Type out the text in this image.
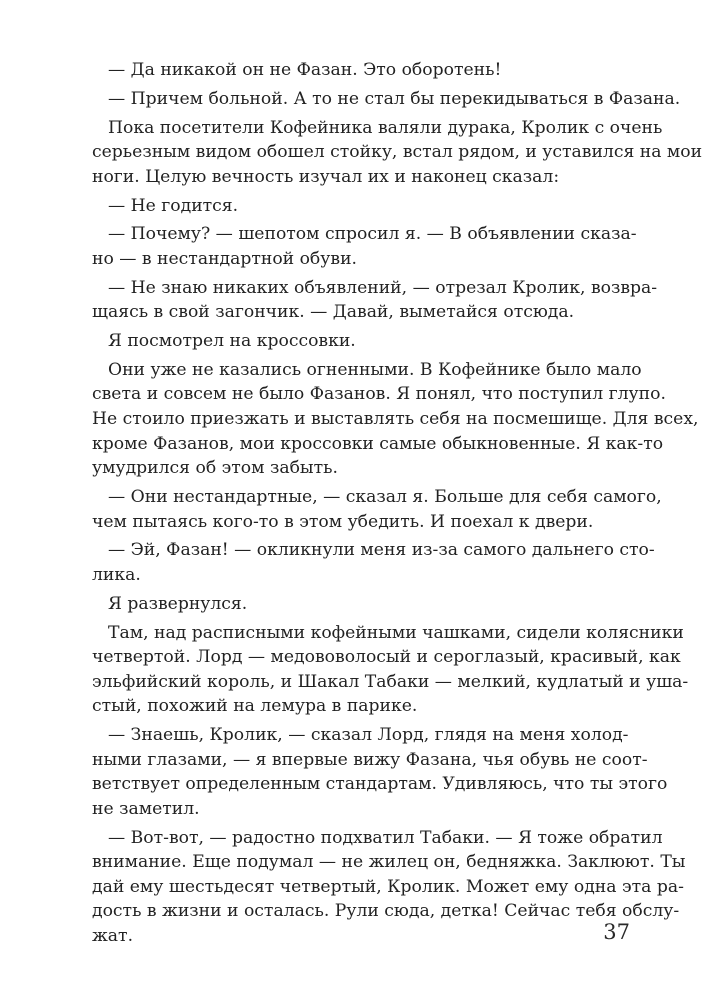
— Да никакой он не Фазан. Это оборотень!
— Причем больной. А то не стал бы перекидываться в Фазана.
Пока посетители Кофейника валяли дурака, Кролик с очень
серьезным видом обошел стойку, встал рядом, и уставился на мои
ноги. Целую вечность изучал их и наконец сказал:
— Не годится.
— Почему? — шепотом спросил я. — В объявлении сказа-
но — в нестандартной обуви.
— Не знаю никаких объявлений, — отрезал Кролик, возвра-
щаясь в свой загончик. — Давай, выметайся отсюда.
Я посмотрел на кроссовки.
Они уже не казались огненными. В Кофейнике было мало
света и совсем не было Фазанов. Я понял, что поступил глупо.
Не стоило приезжать и выставлять себя на посмешище. Для всех,
кроме Фазанов, мои кроссовки самые обыкновенные. Я как-то
умудрился об этом забыть.
— Они нестандартные, — сказал я. Больше для себя самого,
чем пытаясь кого-то в этом убедить. И поехал к двери.
— Эй, Фазан! — окликнули меня из-за самого дальнего сто-
лика.
Я развернулся.
Там, над расписными кофейными чашками, сидели колясники
четвертой. Лорд — медововолосый и сероглазый, красивый, как
эльфийский король, и Шакал Табаки — мелкий, кудлатый и уша-
стый, похожий на лемура в парике.
— Знаешь, Кролик, — сказал Лорд, глядя на меня холод-
ными глазами, — я впервые вижу Фазана, чья обувь не соот-
ветствует определенным стандартам. Удивляюсь, что ты этого
не заметил.
— Вот-вот, — радостно подхватил Табаки. — Я тоже обратил
внимание. Еще подумал — не жилец он, бедняжка. Заклюют. Ты
дай ему шестьдесят четвертый, Кролик. Может ему одна эта ра-
дость в жизни и осталась. Рули сюда, детка! Сейчас тебя обслу-
жат.	37
